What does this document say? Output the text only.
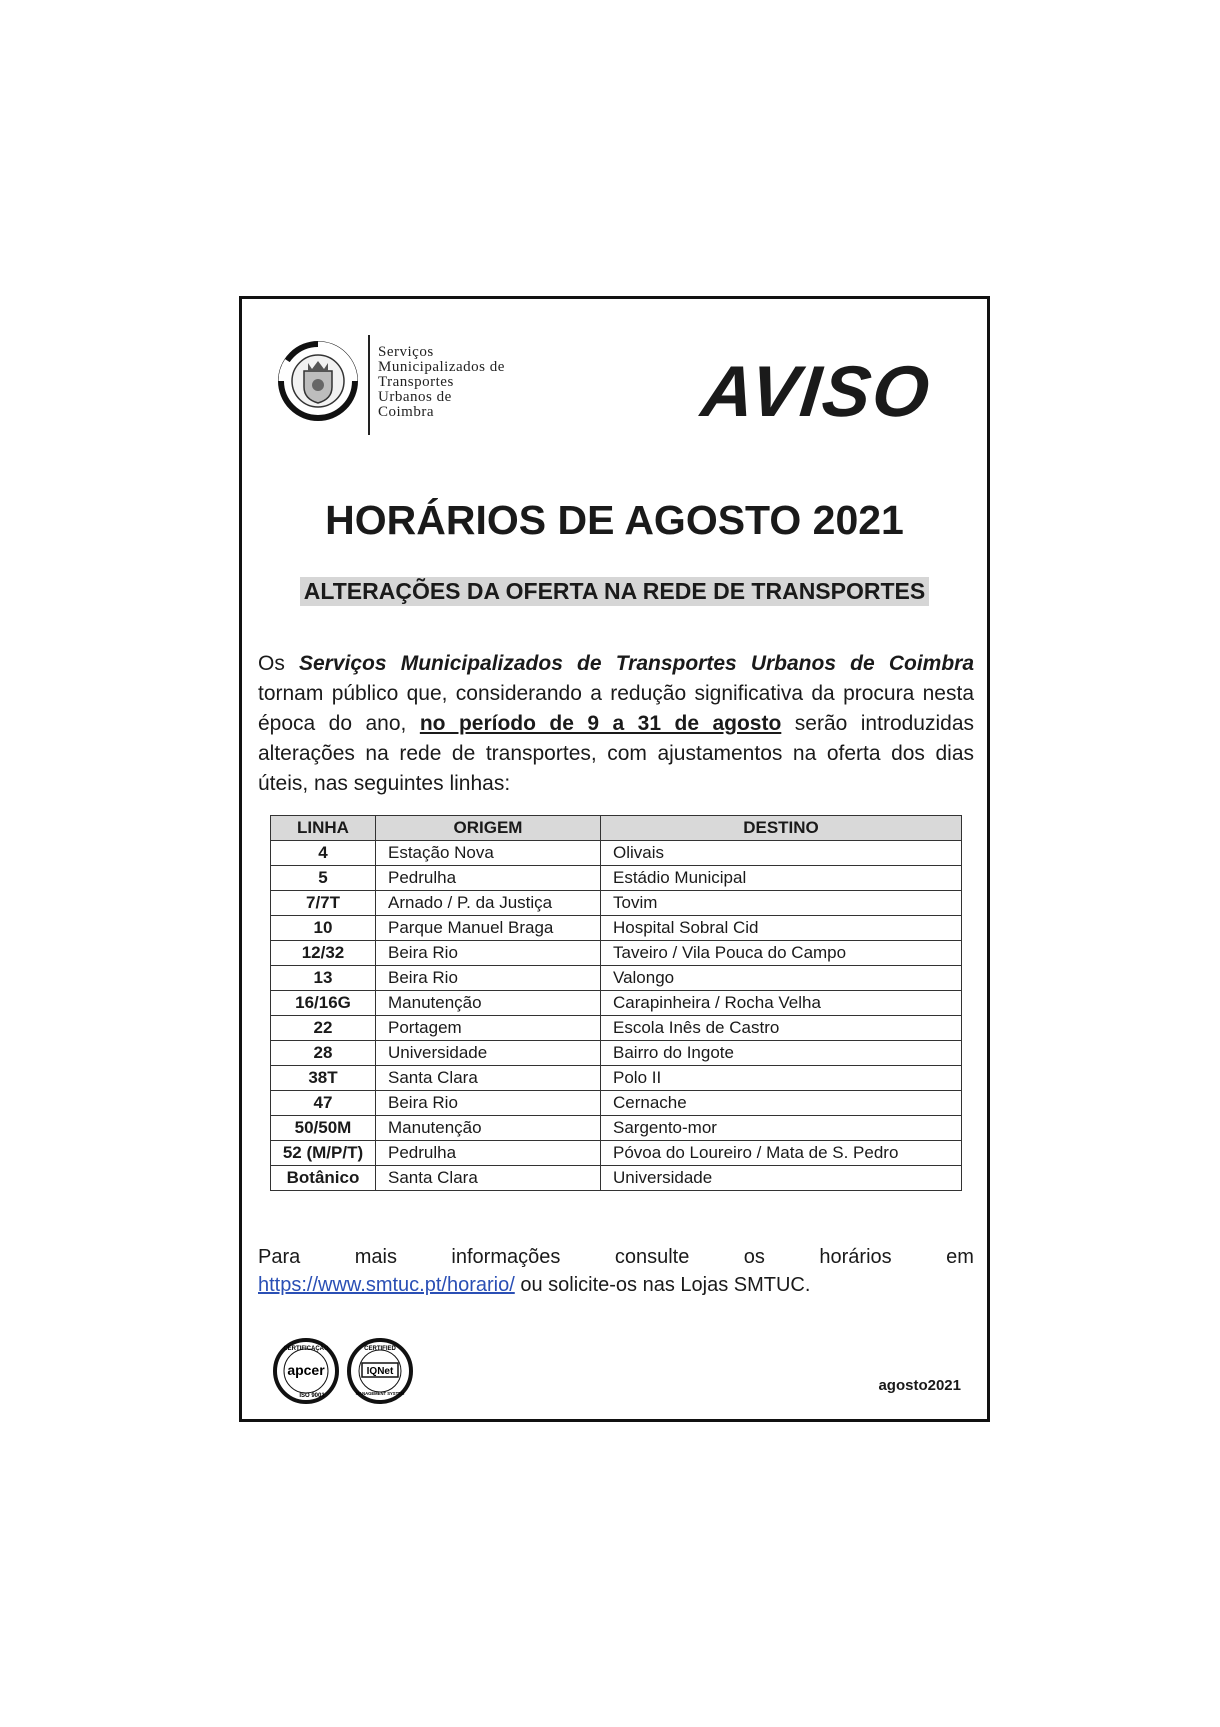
Serviços
Municipalizados de
Transportes
Urbanos de
Coimbra	AVISO
HORÁRIOS DE AGOSTO 2021
ALTERAÇÕES DA OFERTA NA REDE DE TRANSPORTES
Os Serviços Municipalizados de Transportes Urbanos de Coimbra tornam público que, considerando a redução significativa da procura nesta época do ano, no período de 9 a 31 de agosto serão introduzidas alterações na rede de transportes, com ajustamentos na oferta dos dias úteis, nas seguintes linhas:
LINHA	ORIGEM	DESTINO
4	Estação Nova	Olivais
5	Pedrulha	Estádio Municipal
7/7T	Arnado / P. da Justiça	Tovim
10	Parque Manuel Braga	Hospital Sobral Cid
12/32	Beira Rio	Taveiro / Vila Pouca do Campo
13	Beira Rio	Valongo
16/16G	Manutenção	Carapinheira / Rocha Velha
22	Portagem	Escola Inês de Castro
28	Universidade	Bairro do Ingote
38T	Santa Clara	Polo II
47	Beira Rio	Cernache
50/50M	Manutenção	Sargento-mor
52 (M/P/T)	Pedrulha	Póvoa do Loureiro / Mata de S. Pedro
Botânico	Santa Clara	Universidade
Para	mais	informações	consulte	os	horários	em
https://www.smtuc.pt/horario/ ou solicite-os nas Lojas SMTUC.
CERTIFICAÇÃO
apcer
ISO 9001
CERTIFIED
IQNet
MANAGEMENT SYSTEM	agosto2021
